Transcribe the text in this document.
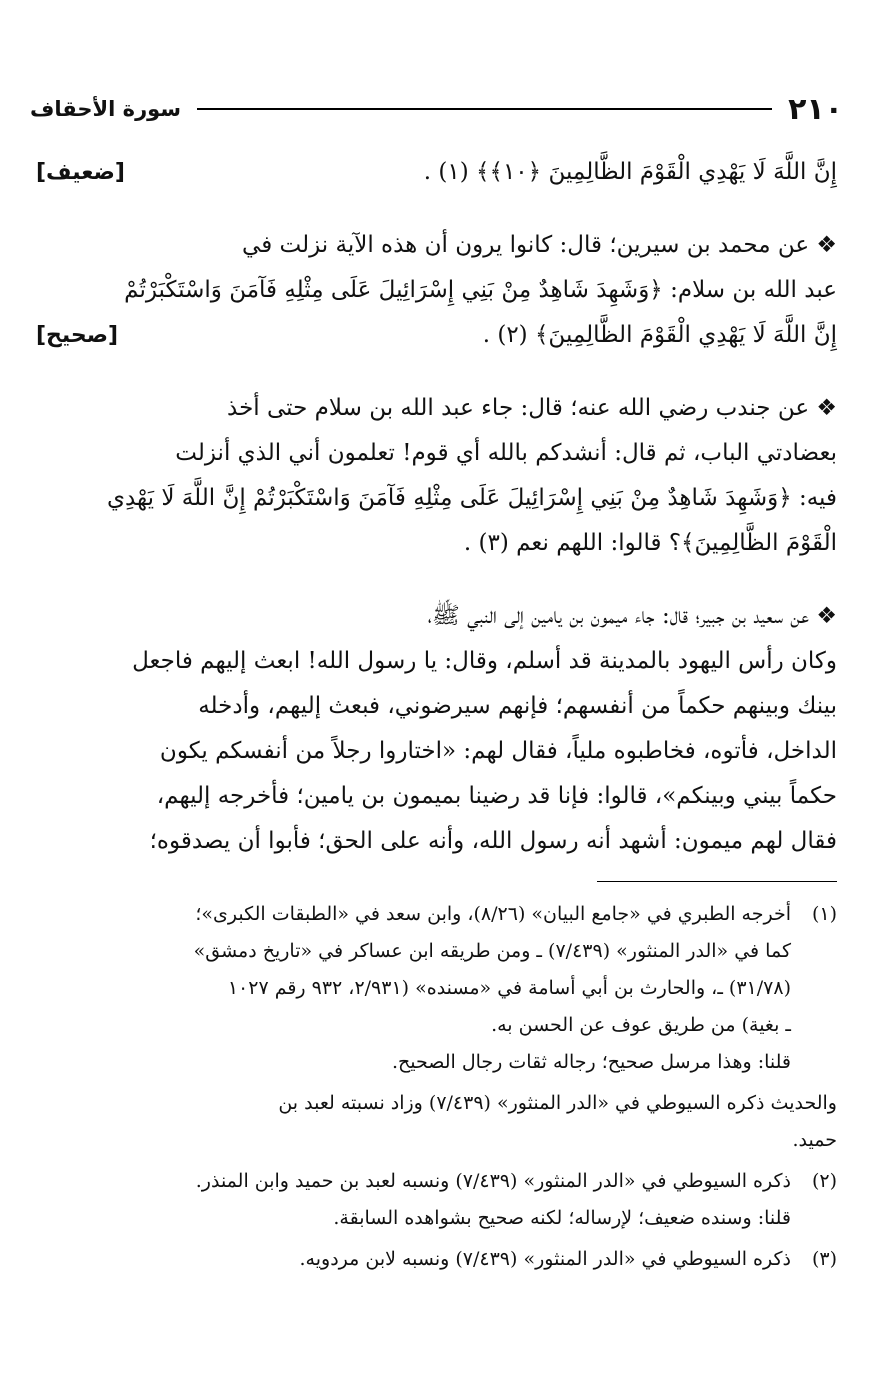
٢١٠
سورة الأحقاف
[ضعيف]	إِنَّ اللَّهَ لَا يَهْدِي الْقَوْمَ الظَّالِمِينَ ﴿١٠﴾﴾ (١) .
❖ عن محمد بن سيرين؛ قال: كانوا يرون أن هذه الآية نزلت في
عبد الله بن سلام: ﴿وَشَهِدَ شَاهِدٌ مِنْ بَنِي إِسْرَائِيلَ عَلَى مِثْلِهِ فَآمَنَ وَاسْتَكْبَرْتُمْ
[صحيح]	إِنَّ اللَّهَ لَا يَهْدِي الْقَوْمَ الظَّالِمِينَ﴾ (٢) .
❖ عن جندب رضي الله عنه؛ قال: جاء عبد الله بن سلام حتى أخذ
بعضادتي الباب، ثم قال: أنشدكم بالله أي قوم! تعلمون أني الذي أنزلت
فيه: ﴿وَشَهِدَ شَاهِدٌ مِنْ بَنِي إِسْرَائِيلَ عَلَى مِثْلِهِ فَآمَنَ وَاسْتَكْبَرْتُمْ إِنَّ اللَّهَ لَا يَهْدِي
الْقَوْمَ الظَّالِمِينَ﴾؟ قالوا: اللهم نعم (٣) .
❖ عن سعيد بن جبير؛ قال: جاء ميمون بن يامين إلى النبي ﷺ،
وكان رأس اليهود بالمدينة قد أسلم، وقال: يا رسول الله! ابعث إليهم فاجعل
بينك وبينهم حكماً من أنفسهم؛ فإنهم سيرضوني، فبعث إليهم، وأدخله
الداخل، فأتوه، فخاطبوه ملياً، فقال لهم: «اختاروا رجلاً من أنفسكم يكون
حكماً بيني وبينكم»، قالوا: فإنا قد رضينا بميمون بن يامين؛ فأخرجه إليهم،
فقال لهم ميمون: أشهد أنه رسول الله، وأنه على الحق؛ فأبوا أن يصدقوه؛
(١)

أخرجه الطبري في «جامع البيان» (٨/٢٦)، وابن سعد في «الطبقات الكبرى»؛

كما في «الدر المنثور» (٧/٤٣٩) ـ ومن طريقه ابن عساكر في «تاريخ دمشق»

(٣١/٧٨) ـ، والحارث بن أبي أسامة في «مسنده» (٢/٩٣١، ٩٣٢ رقم ١٠٢٧

ـ بغية) من طريق عوف عن الحسن به.

قلنا: وهذا مرسل صحيح؛ رجاله ثقات رجال الصحيح.

والحديث ذكره السيوطي في «الدر المنثور» (٧/٤٣٩) وزاد نسبته لعبد بن

حميد.

(٢)

ذكره السيوطي في «الدر المنثور» (٧/٤٣٩) ونسبه لعبد بن حميد وابن المنذر.

قلنا: وسنده ضعيف؛ لإرساله؛ لكنه صحيح بشواهده السابقة.

(٣)

ذكره السيوطي في «الدر المنثور» (٧/٤٣٩) ونسبه لابن مردويه.
